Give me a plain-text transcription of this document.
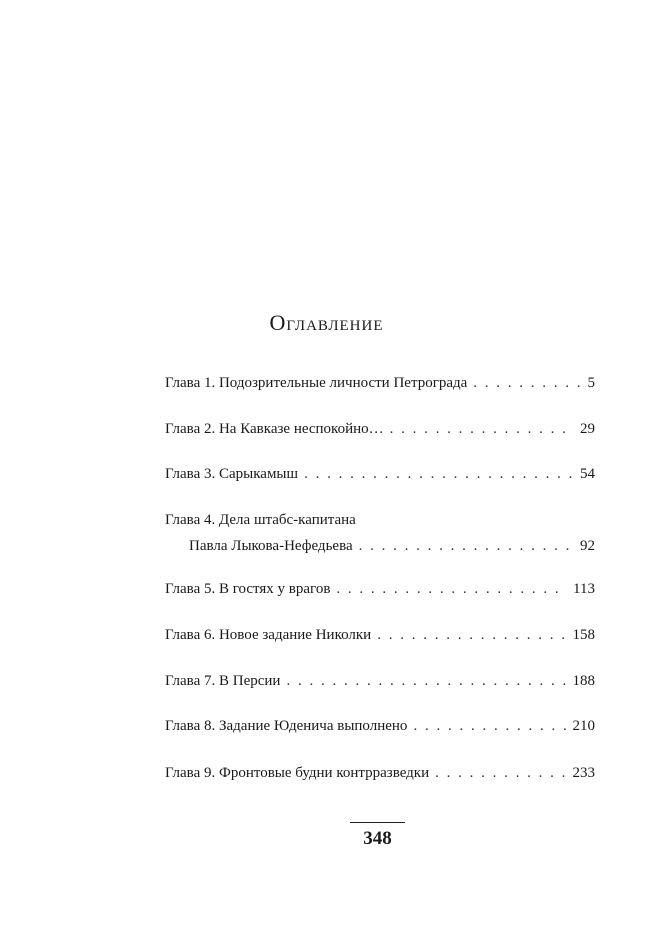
Оглавление
Глава 1. Подозрительные личности Петрограда . . .	5
Глава 2. На Кавказе неспокойно… . . .	29
Глава 3. Сарыкамыш . . .	54
Глава 4. Дела штабс-капитана
Павла Лыкова-Нефедьева . . .	92
Глава 5. В гостях у врагов . . .	113
Глава 6. Новое задание Николки . . .	158
Глава 7. В Персии . . .	188
Глава 8. Задание Юденича выполнено . . .	210
Глава 9. Фронтовые будни контрразведки . . .	233
348
